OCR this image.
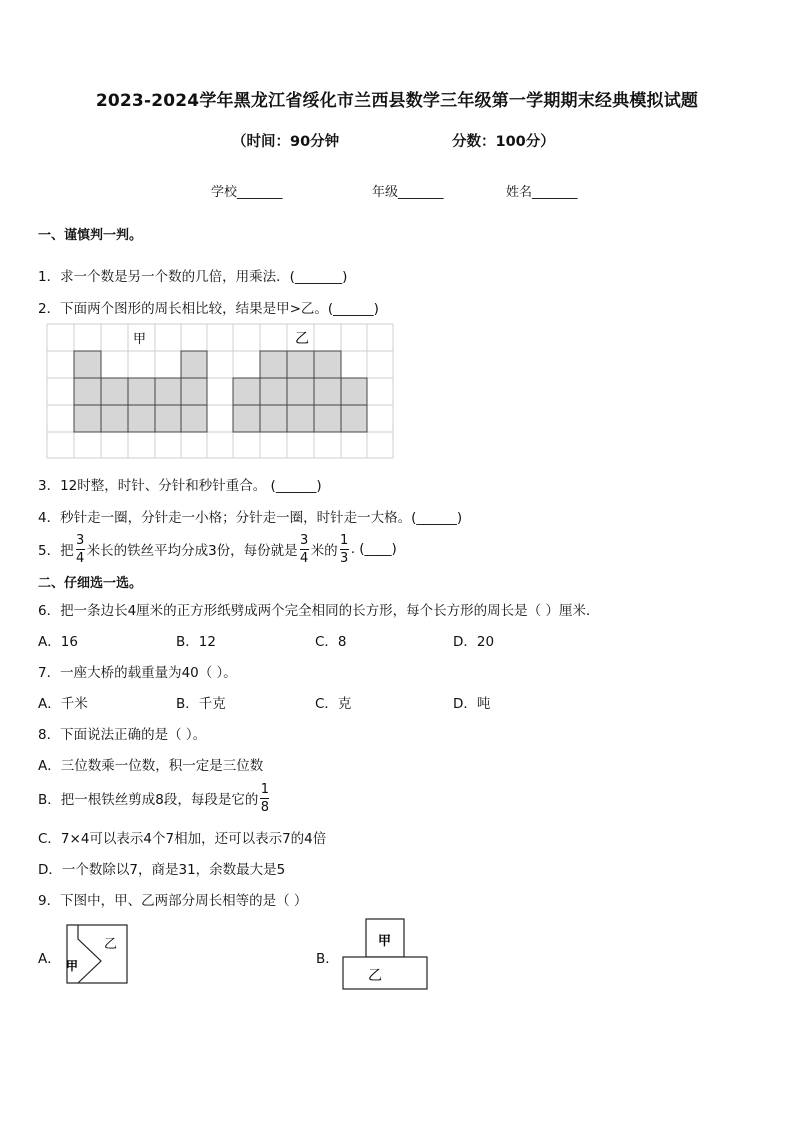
2023-2024学年黑龙江省绥化市兰西县数学三年级第一学期期末经典模拟试题
（时间：90分钟	分数：100分）
学校_______	年级_______	姓名_______
一、谨慎判一判。
1．求一个数是另一个数的几倍，用乘法．(_______)
2．下面两个图形的周长相比较，结果是甲>乙。(______)
甲	乙
3．12时整，时针、分针和秒针重合。 (______)
4．秒针走一圈，分针走一小格；分针走一圈，时针走一大格。(______)
5．把 $\frac{3}{4}$ 米长的铁丝平均分成3份，每份就是 $\frac{3}{4}$ 米的 $\frac{1}{3}$ . (____)
二、仔细选一选。
6．把一条边长4厘米的正方形纸劈成两个完全相同的长方形，每个长方形的周长是（ ）厘米．
A．16	B．12	C．8	D．20
7．一座大桥的载重量为40（ ）。
A．千米	B．千克	C．克	D．吨
8．下面说法正确的是（ ）。
A．三位数乘一位数，积一定是三位数
B．把一根铁丝剪成8段，每段是它的 $\frac{1}{8}$
C．7×4可以表示4个7相加，还可以表示7的4倍
D．一个数除以7，商是31，余数最大是5
9．下图中，甲、乙两部分周长相等的是（ ）
A．
乙
甲	B．
甲
乙
